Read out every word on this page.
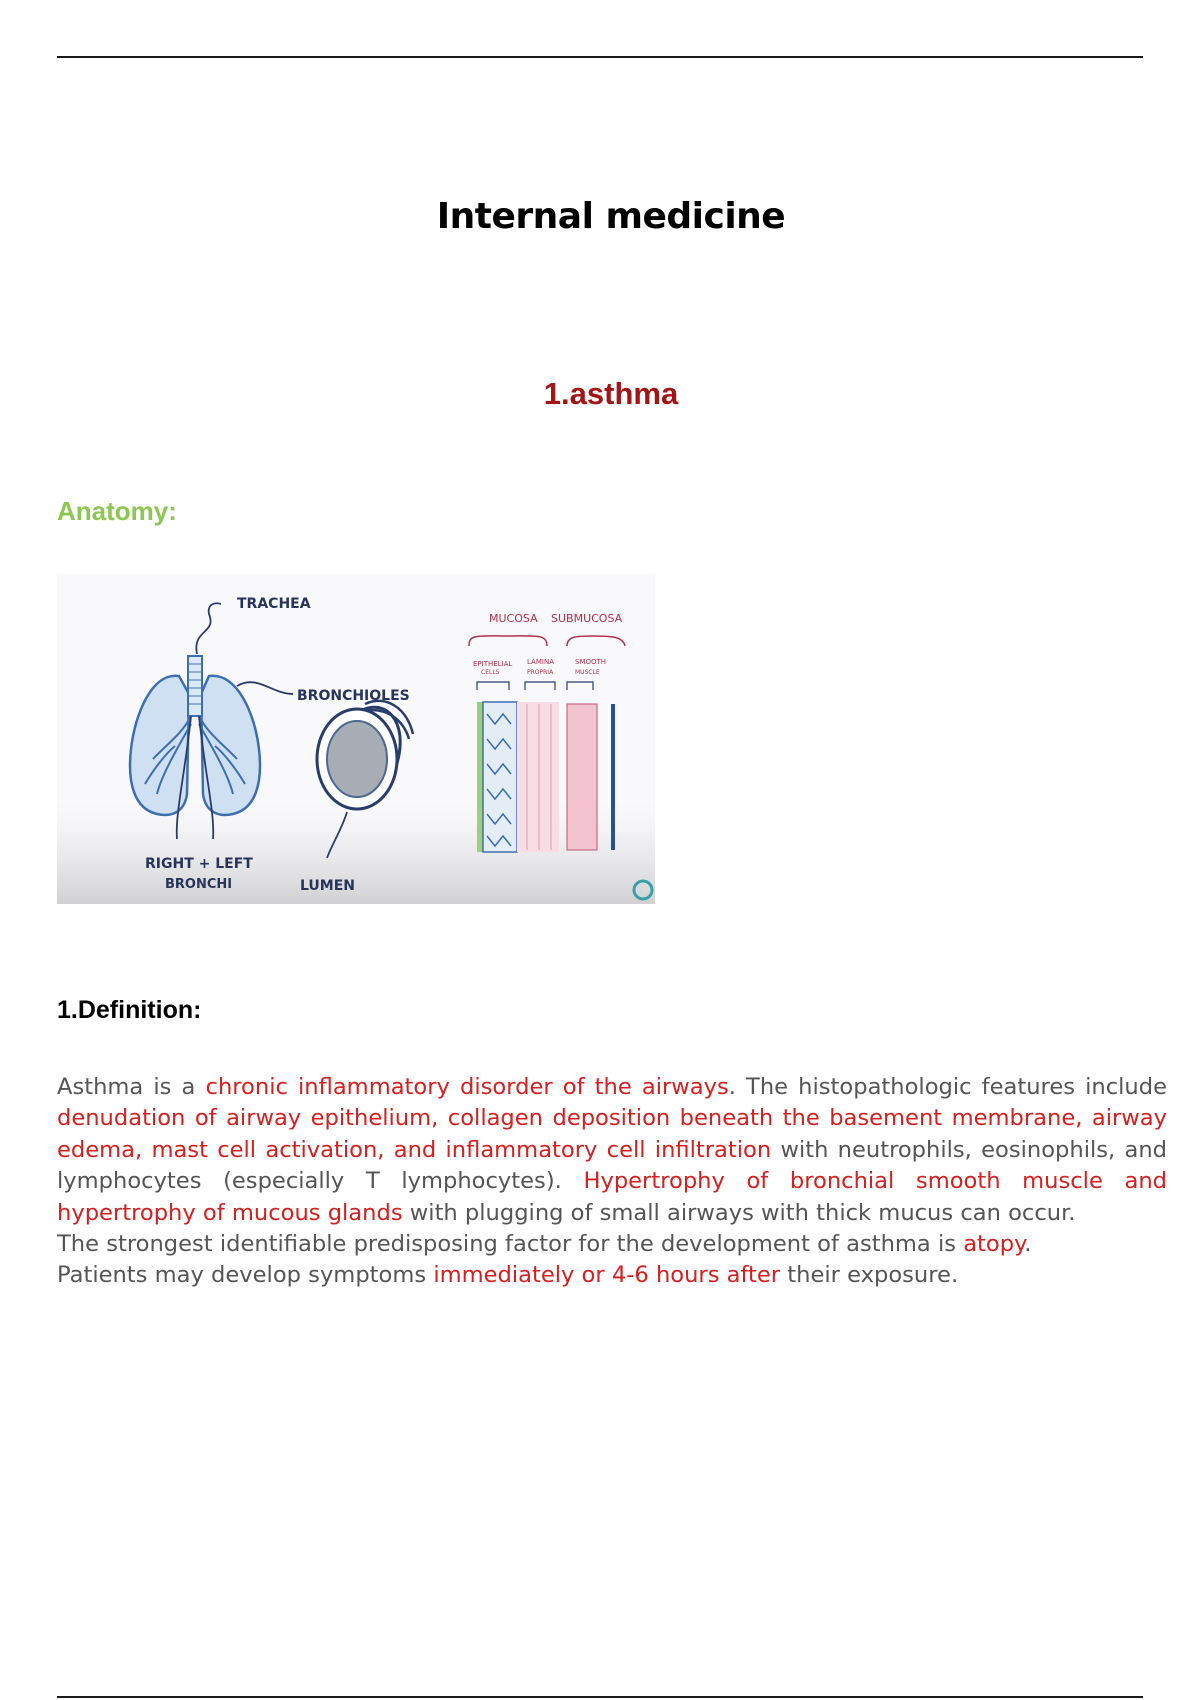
Internal medicine
1.asthma
Anatomy:
TRACHEA
BRONCHIOLES
RIGHT + LEFT
BRONCHI	LUMEN
MUCOSA SUBMUCOSA
EPITHELIAL
CELLS
LAMINA
PROPRIA
SMOOTH
MUSCLE
1.Definition:

Asthma is a chronic inflammatory disorder of the airways. The histopathologic features include denudation of airway epithelium, collagen deposition beneath the basement membrane, airway edema, mast cell activation, and inflammatory cell infiltration with neutrophils, eosinophils, and lymphocytes (especially T lymphocytes). Hypertrophy of bronchial smooth muscle and hypertrophy of mucous glands with plugging of small airways with thick mucus can occur.

The strongest identifiable predisposing factor for the development of asthma is atopy.

Patients may develop symptoms immediately or 4-6 hours after their exposure.
